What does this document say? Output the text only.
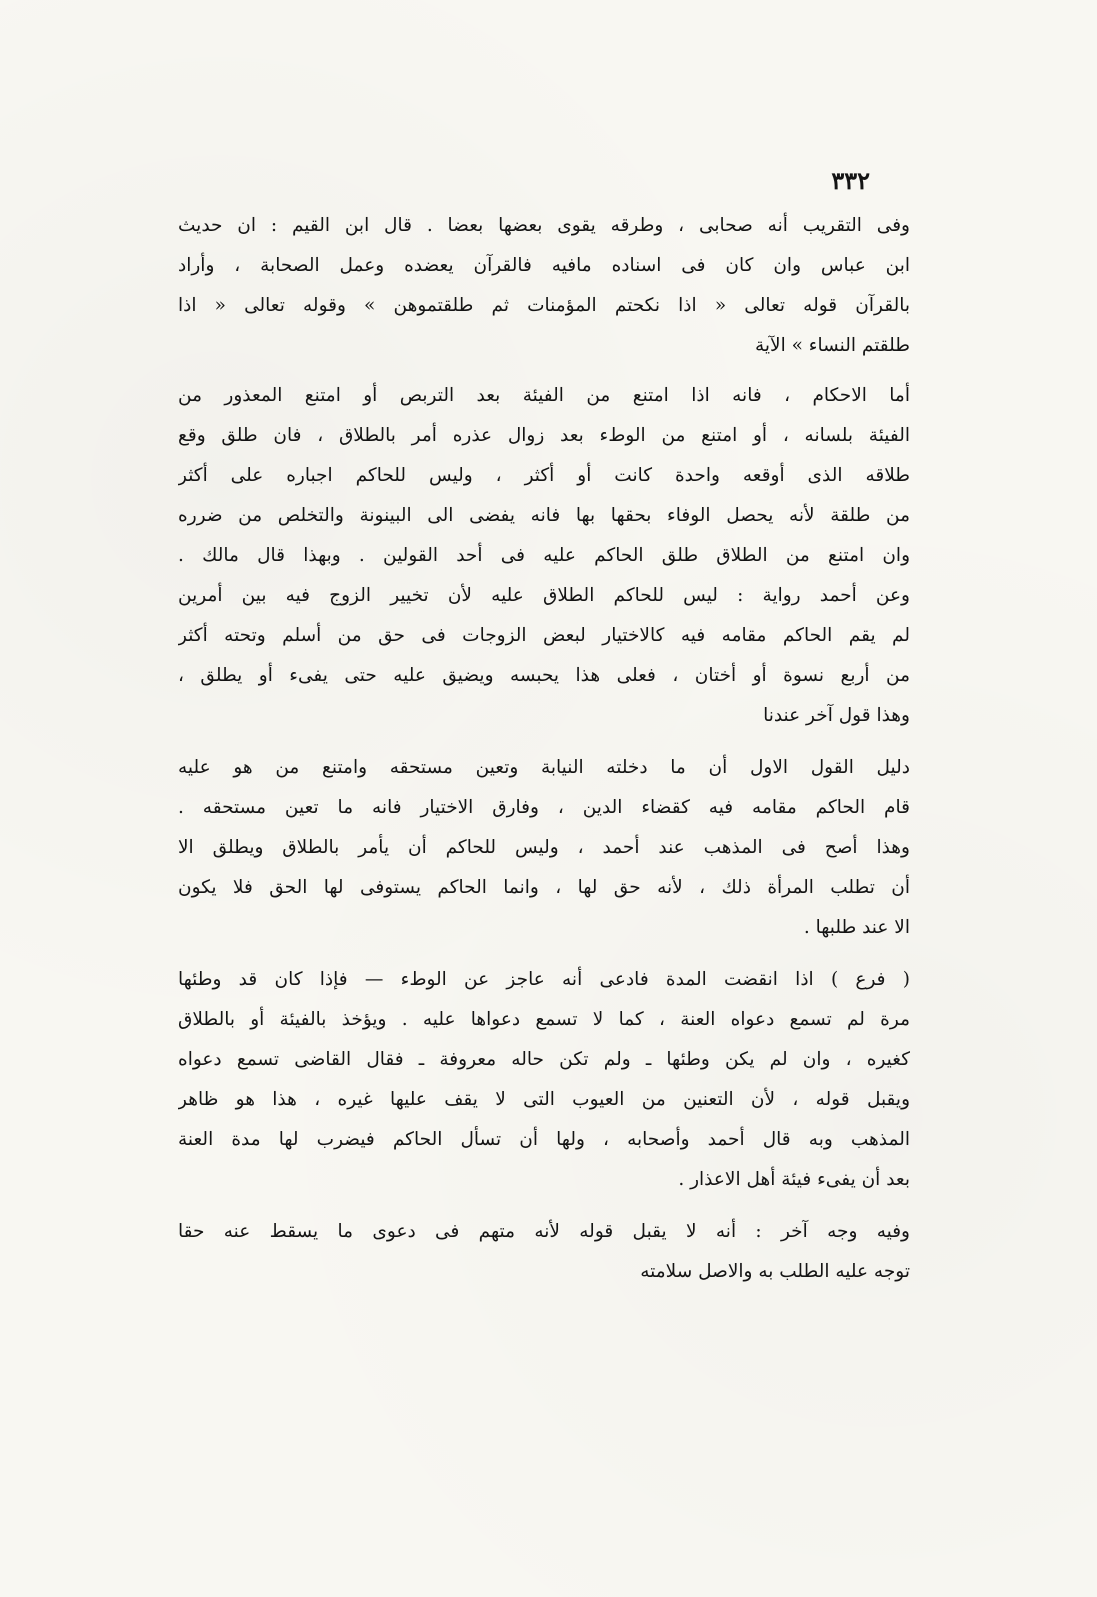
٣٣٢
وفى التقريب أنه صحابى ، وطرقه يقوى بعضها بعضا . قال ابن القيم : ان حديث
ابن عباس وان كان فى اسناده مافيه فالقرآن يعضده وعمل الصحابة ، وأراد
بالقرآن قوله تعالى « اذا نكحتم المؤمنات ثم طلقتموهن » وقوله تعالى « اذا
طلقتم النساء » الآية
أما الاحكام ، فانه اذا امتنع من الفيئة بعد التربص أو امتنع المعذور من
الفيئة بلسانه ، أو امتنع من الوطء بعد زوال عذره أمر بالطلاق ، فان طلق وقع
طلاقه الذى أوقعه واحدة كانت أو أكثر ، وليس للحاكم اجباره على أكثر
من طلقة لأنه يحصل الوفاء بحقها بها فانه يفضى الى البينونة والتخلص من ضرره
وان امتنع من الطلاق طلق الحاكم عليه فى أحد القولين . وبهذا قال مالك .
وعن أحمد رواية : ليس للحاكم الطلاق عليه لأن تخيير الزوج فيه بين أمرين
لم يقم الحاكم مقامه فيه كالاختيار لبعض الزوجات فى حق من أسلم وتحته أكثر
من أربع نسوة أو أختان ، فعلى هذا يحبسه ويضيق عليه حتى يفىء أو يطلق ،
وهذا قول آخر عندنا
دليل القول الاول أن ما دخلته النيابة وتعين مستحقه وامتنع من هو عليه
قام الحاكم مقامه فيه كقضاء الدين ، وفارق الاختيار فانه ما تعين مستحقه .
وهذا أصح فى المذهب عند أحمد ، وليس للحاكم أن يأمر بالطلاق ويطلق الا
أن تطلب المرأة ذلك ، لأنه حق لها ، وانما الحاكم يستوفى لها الحق فلا يكون
الا عند طلبها .
( فرع ) اذا انقضت المدة فادعى أنه عاجز عن الوطء — فإذا كان قد وطئها
مرة لم تسمع دعواه العنة ، كما لا تسمع دعواها عليه . ويؤخذ بالفيئة أو بالطلاق
كغيره ، وان لم يكن وطئها ـ ولم تكن حاله معروفة ـ فقال القاضى تسمع دعواه
ويقبل قوله ، لأن التعنين من العيوب التى لا يقف عليها غيره ، هذا هو ظاهر
المذهب وبه قال أحمد وأصحابه ، ولها أن تسأل الحاكم فيضرب لها مدة العنة
بعد أن يفىء فيئة أهل الاعذار .
وفيه وجه آخر : أنه لا يقبل قوله لأنه متهم فى دعوى ما يسقط عنه حقا
توجه عليه الطلب به والاصل سلامته
